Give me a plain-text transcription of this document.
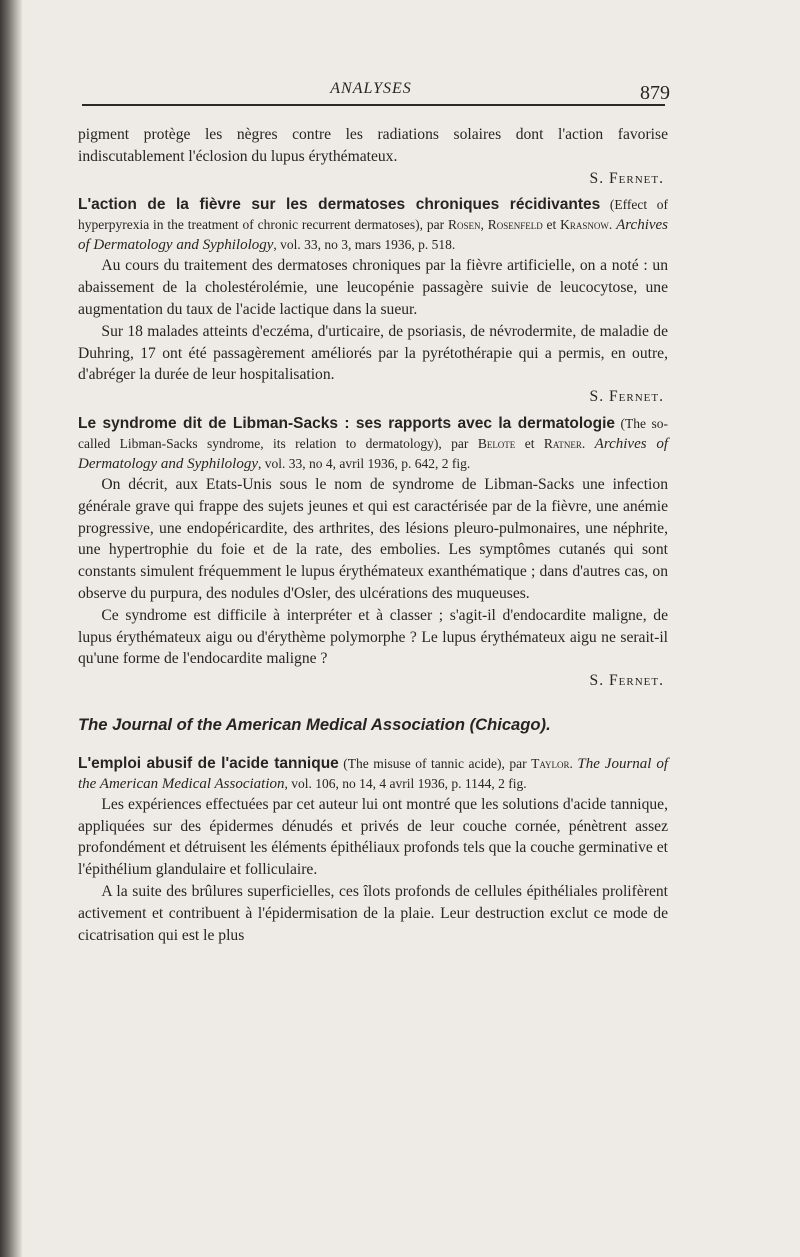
ANALYSES	879

pigment protège les nègres contre les radiations solaires dont l'action favorise indiscutablement l'éclosion du lupus érythémateux.

S. Fernet.

L'action de la fièvre sur les dermatoses chroniques récidivantes (Effect of hyperpyrexia in the treatment of chronic recurrent dermatoses), par Rosen, Rosenfeld et Krasnow. Archives of Dermatology and Syphilology, vol. 33, no 3, mars 1936, p. 518.

Au cours du traitement des dermatoses chroniques par la fièvre artificielle, on a noté : un abaissement de la cholestérolémie, une leucopénie passagère suivie de leucocytose, une augmentation du taux de l'acide lactique dans la sueur.

Sur 18 malades atteints d'eczéma, d'urticaire, de psoriasis, de névrodermite, de maladie de Duhring, 17 ont été passagèrement améliorés par la pyrétothérapie qui a permis, en outre, d'abréger la durée de leur hospitalisation.

S. Fernet.

Le syndrome dit de Libman-Sacks : ses rapports avec la dermatologie (The so-called Libman-Sacks syndrome, its relation to dermatology), par Belote et Ratner. Archives of Dermatology and Syphilology, vol. 33, no 4, avril 1936, p. 642, 2 fig.

On décrit, aux Etats-Unis sous le nom de syndrome de Libman-Sacks une infection générale grave qui frappe des sujets jeunes et qui est caractérisée par de la fièvre, une anémie progressive, une endopéricardite, des arthrites, des lésions pleuro-pulmonaires, une néphrite, une hypertrophie du foie et de la rate, des embolies. Les symptômes cutanés qui sont constants simulent fréquemment le lupus érythémateux exanthématique ; dans d'autres cas, on observe du purpura, des nodules d'Osler, des ulcérations des muqueuses.

Ce syndrome est difficile à interpréter et à classer ; s'agit-il d'endocardite maligne, de lupus érythémateux aigu ou d'érythème polymorphe ? Le lupus érythémateux aigu ne serait-il qu'une forme de l'endocardite maligne ?

S. Fernet.

The Journal of the American Medical Association (Chicago).

L'emploi abusif de l'acide tannique (The misuse of tannic acide), par Taylor. The Journal of the American Medical Association, vol. 106, no 14, 4 avril 1936, p. 1144, 2 fig.

Les expériences effectuées par cet auteur lui ont montré que les solutions d'acide tannique, appliquées sur des épidermes dénudés et privés de leur couche cornée, pénètrent assez profondément et détruisent les éléments épithéliaux profonds tels que la couche germinative et l'épithélium glandulaire et folliculaire.

A la suite des brûlures superficielles, ces îlots profonds de cellules épithéliales prolifèrent activement et contribuent à l'épidermisation de la plaie. Leur destruction exclut ce mode de cicatrisation qui est le plus
